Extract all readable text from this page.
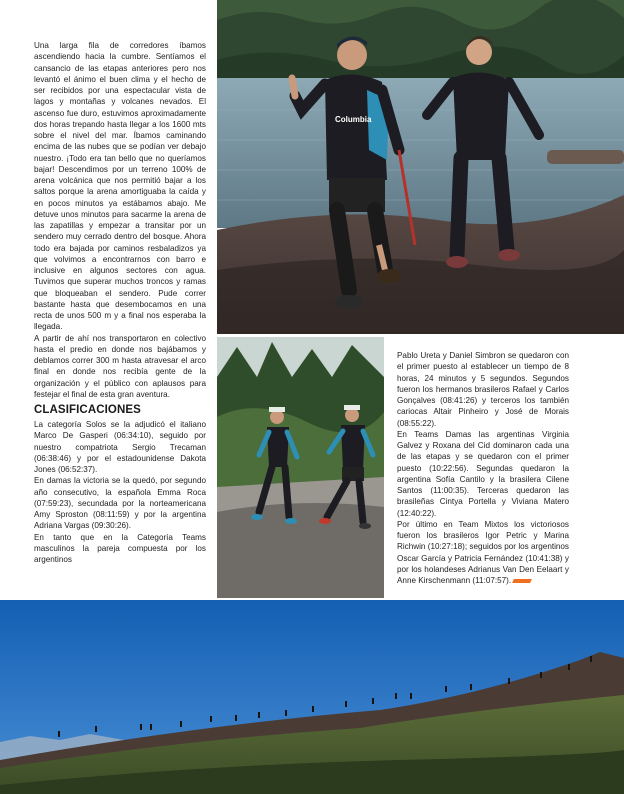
Una larga fila de corredores íbamos ascendiendo hacia la cumbre. Sentíamos el cansancio de las etapas anteriores pero nos levantó el ánimo el buen clima y el hecho de ser recibidos por una espectacular vista de lagos y montañas y volcanes nevados. El ascenso fue duro, estuvimos aproximadamente dos horas trepando hasta llegar a los 1600 mts sobre el nivel del mar. Íbamos caminando encima de las nubes que se podían ver debajo nuestro. ¡Todo era tan bello que no queríamos bajar! Descendimos por un terreno 100% de arena volcánica que nos permitió bajar a los saltos porque la arena amortiguaba la caída y en pocos minutos ya estábamos abajo. Me detuve unos minutos para sacarme la arena de las zapatillas y empezar a transitar por un sendero muy cerrado dentro del bosque. Ahora todo era bajada por caminos resbaladizos ya que volvimos a encontrarnos con barro e inclusive en algunos sectores con agua. Tuvimos que superar muchos troncos y ramas que bloqueaban el sendero. Pude correr bastante hasta que desembocamos en una recta de unos 500 m y a final nos esperaba la llegada.

A partir de ahí nos transportaron en colectivo hasta el predio en donde nos bajábamos y deblamos correr 300 m hasta atravesar el arco final en donde nos recibía gente de la organización y el público con aplausos para festejar el final de esta gran aventura.

CLASIFICACIONES

La categoría Solos se la adjudicó el italiano Marco De Gasperi (06:34:10), seguido por nuestro compatriota Sergio Trecaman (06:38:46) y por el estadounidense Dakota Jones (06:52:37).

En damas la victoria se la quedó, por segundo año consecutivo, la española Emma Roca (07:59:23), secundada por la norteamericana Amy Sproston (08:11:59) y por la argentina Adriana Vargas (09:30:26).

En tanto que en la Categoría Teams masculinos la pareja compuesta por los argentinos

Pablo Ureta y Daniel Simbron se quedaron con el primer puesto al establecer un tiempo de 8 horas, 24 minutos y 5 segundos. Segundos fueron los hermanos brasileros Rafael y Carlos Gonçalves (08:41:26) y terceros los también cariocas Altair Pinheiro y José de Morais (08:55:22).

En Teams Damas las argentinas Virginia Galvez y Roxana del Cid dominaron cada una de las etapas y se quedaron con el primer puesto (10:22:56). Segundas quedaron la argentina Sofía Cantilo y la brasilera Cilene Santos (11:00:35). Terceras quedaron las brasileñas Cintya Portella y Viviana Matero (12:40:22).

Por último en Team Mixtos los victoriosos fueron los brasileros Igor Petric y Marina Richwin (10:27:18); seguidos por los argentinos Oscar García y Patricia Fernández (10:41:38) y por los holandeses Adrianus Van Den Eelaart y Anne Kirschenmann (11:07:57).

Columbia
